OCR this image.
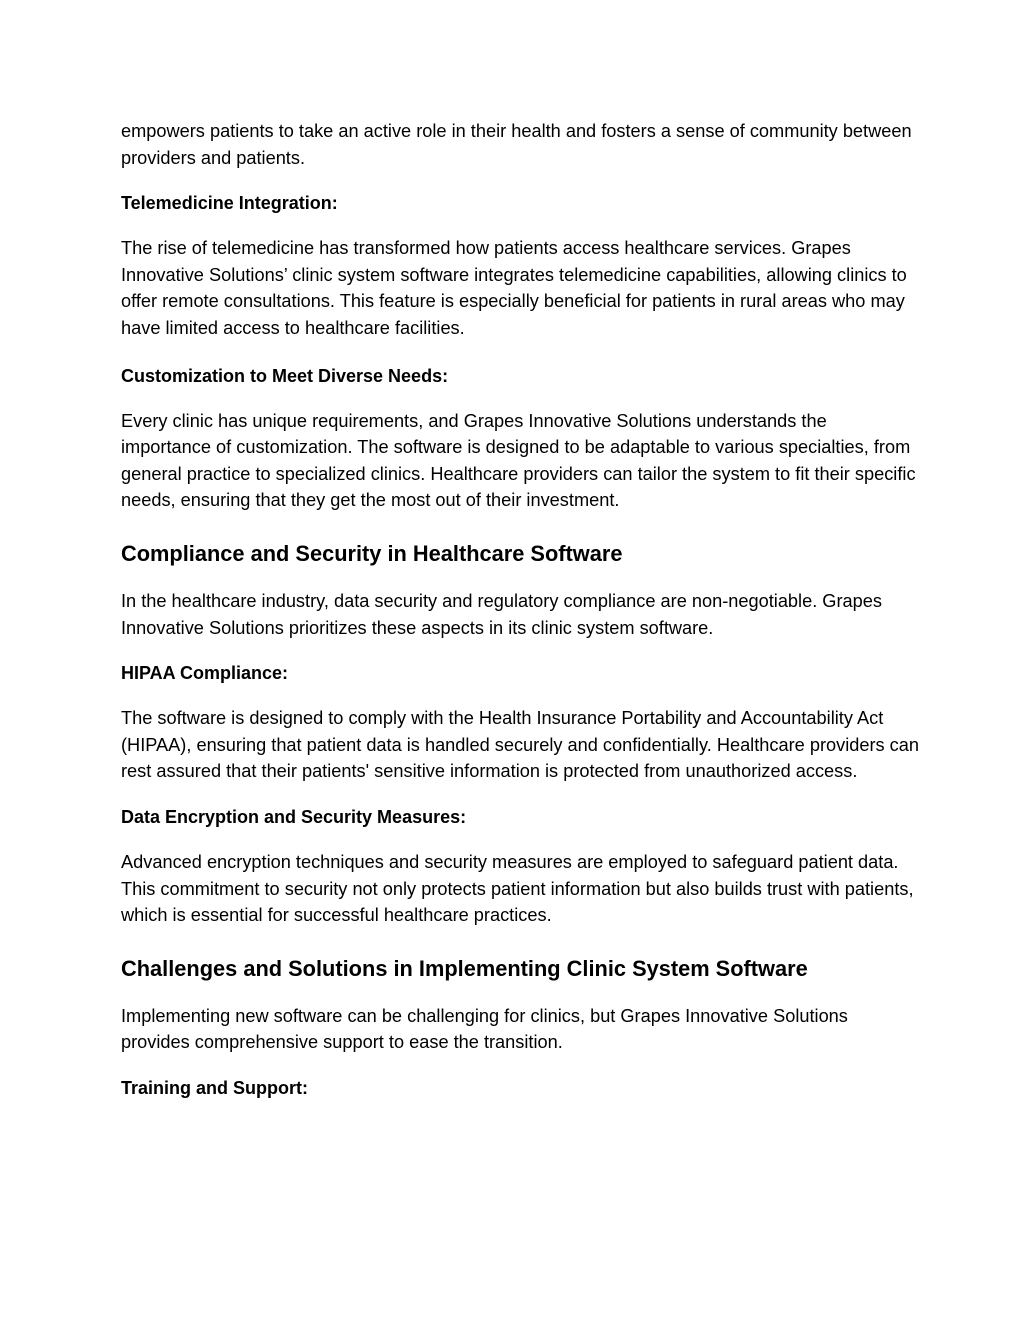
empowers patients to take an active role in their health and fosters a sense of community between providers and patients.

Telemedicine Integration:

The rise of telemedicine has transformed how patients access healthcare services. Grapes Innovative Solutions’ clinic system software integrates telemedicine capabilities, allowing clinics to offer remote consultations. This feature is especially beneficial for patients in rural areas who may have limited access to healthcare facilities.

Customization to Meet Diverse Needs:

Every clinic has unique requirements, and Grapes Innovative Solutions understands the importance of customization. The software is designed to be adaptable to various specialties, from general practice to specialized clinics. Healthcare providers can tailor the system to fit their specific needs, ensuring that they get the most out of their investment.

Compliance and Security in Healthcare Software

In the healthcare industry, data security and regulatory compliance are non-negotiable. Grapes Innovative Solutions prioritizes these aspects in its clinic system software.

HIPAA Compliance:

The software is designed to comply with the Health Insurance Portability and Accountability Act (HIPAA), ensuring that patient data is handled securely and confidentially. Healthcare providers can rest assured that their patients' sensitive information is protected from unauthorized access.

Data Encryption and Security Measures:

Advanced encryption techniques and security measures are employed to safeguard patient data. This commitment to security not only protects patient information but also builds trust with patients, which is essential for successful healthcare practices.

Challenges and Solutions in Implementing Clinic System Software

Implementing new software can be challenging for clinics, but Grapes Innovative Solutions provides comprehensive support to ease the transition.

Training and Support:
